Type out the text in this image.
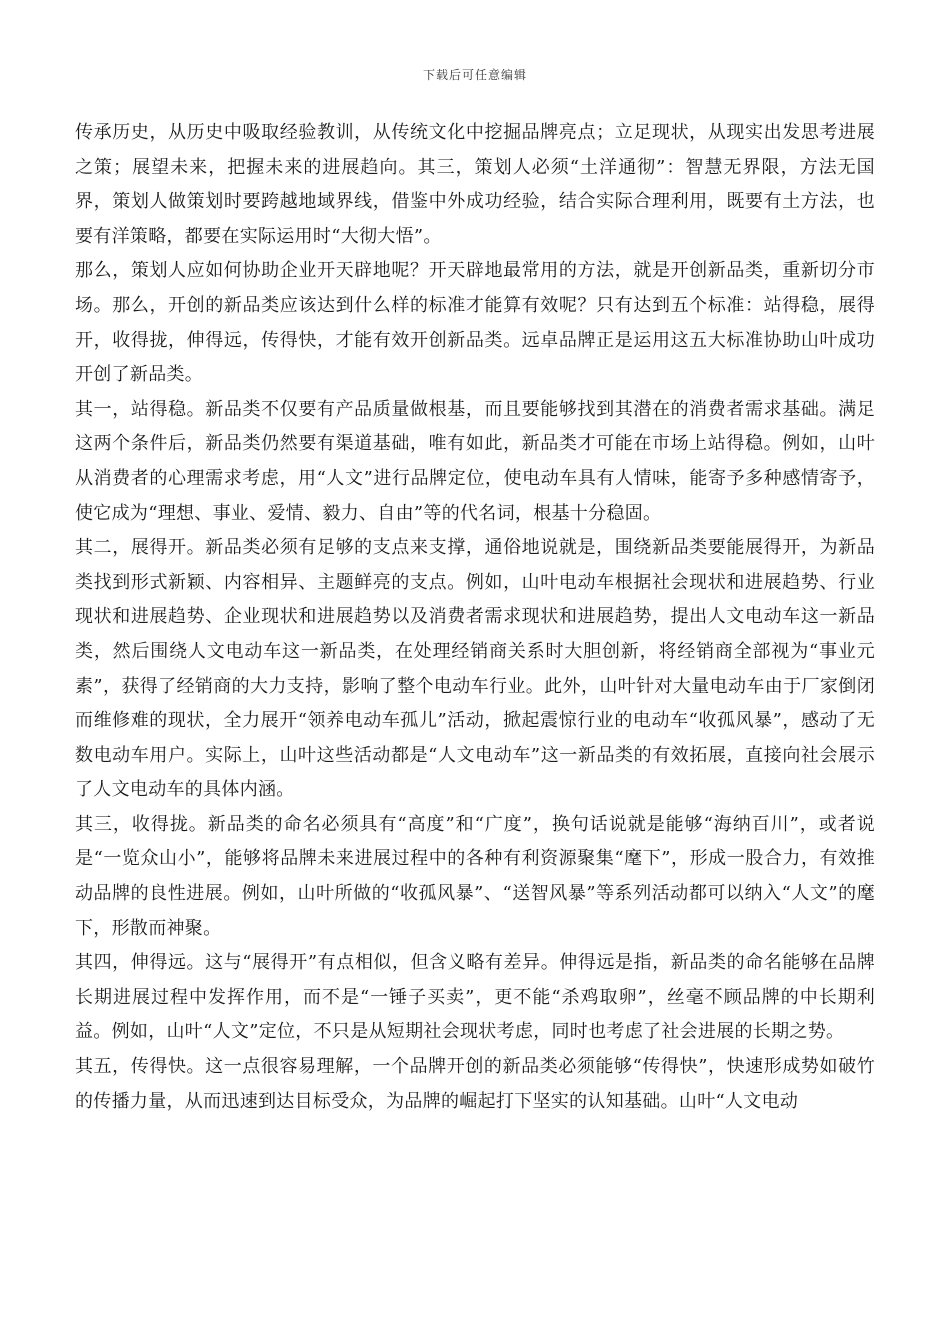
下载后可任意编辑

传承历史，从历史中吸取经验教训，从传统文化中挖掘品牌亮点；立足现状，从现实出发思考进展之策；展望未来，把握未来的进展趋向。其三，策划人必须“土洋通彻”：智慧无界限，方法无国界，策划人做策划时要跨越地域界线，借鉴中外成功经验，结合实际合理利用，既要有土方法，也要有洋策略，都要在实际运用时“大彻大悟”。

那么，策划人应如何协助企业开天辟地呢？开天辟地最常用的方法，就是开创新品类，重新切分市场。那么，开创的新品类应该达到什么样的标准才能算有效呢？只有达到五个标准：站得稳，展得开，收得拢，伸得远，传得快，才能有效开创新品类。远卓品牌正是运用这五大标准协助山叶成功开创了新品类。

其一，站得稳。新品类不仅要有产品质量做根基，而且要能够找到其潜在的消费者需求基础。满足这两个条件后，新品类仍然要有渠道基础，唯有如此，新品类才可能在市场上站得稳。例如，山叶从消费者的心理需求考虑，用“人文”进行品牌定位，使电动车具有人情味，能寄予多种感情寄予，使它成为“理想、事业、爱情、毅力、自由”等的代名词，根基十分稳固。

其二，展得开。新品类必须有足够的支点来支撑，通俗地说就是，围绕新品类要能展得开，为新品类找到形式新颖、内容相异、主题鲜亮的支点。例如，山叶电动车根据社会现状和进展趋势、行业现状和进展趋势、企业现状和进展趋势以及消费者需求现状和进展趋势，提出人文电动车这一新品类，然后围绕人文电动车这一新品类，在处理经销商关系时大胆创新，将经销商全部视为“事业元素”，获得了经销商的大力支持，影响了整个电动车行业。此外，山叶针对大量电动车由于厂家倒闭而维修难的现状，全力展开“领养电动车孤儿”活动，掀起震惊行业的电动车“收孤风暴”，感动了无数电动车用户。实际上，山叶这些活动都是“人文电动车”这一新品类的有效拓展，直接向社会展示了人文电动车的具体内涵。

其三，收得拢。新品类的命名必须具有“高度”和“广度”，换句话说就是能够“海纳百川”，或者说是“一览众山小”，能够将品牌未来进展过程中的各种有利资源聚集“麾下”，形成一股合力，有效推动品牌的良性进展。例如，山叶所做的“收孤风暴”、“送智风暴”等系列活动都可以纳入“人文”的麾下，形散而神聚。

其四，伸得远。这与“展得开”有点相似，但含义略有差异。伸得远是指，新品类的命名能够在品牌长期进展过程中发挥作用，而不是“一锤子买卖”，更不能“杀鸡取卵”，丝毫不顾品牌的中长期利益。例如，山叶“人文”定位，不只是从短期社会现状考虑，同时也考虑了社会进展的长期之势。

其五，传得快。这一点很容易理解，一个品牌开创的新品类必须能够“传得快”，快速形成势如破竹的传播力量，从而迅速到达目标受众，为品牌的崛起打下坚实的认知基础。山叶“人文电动
